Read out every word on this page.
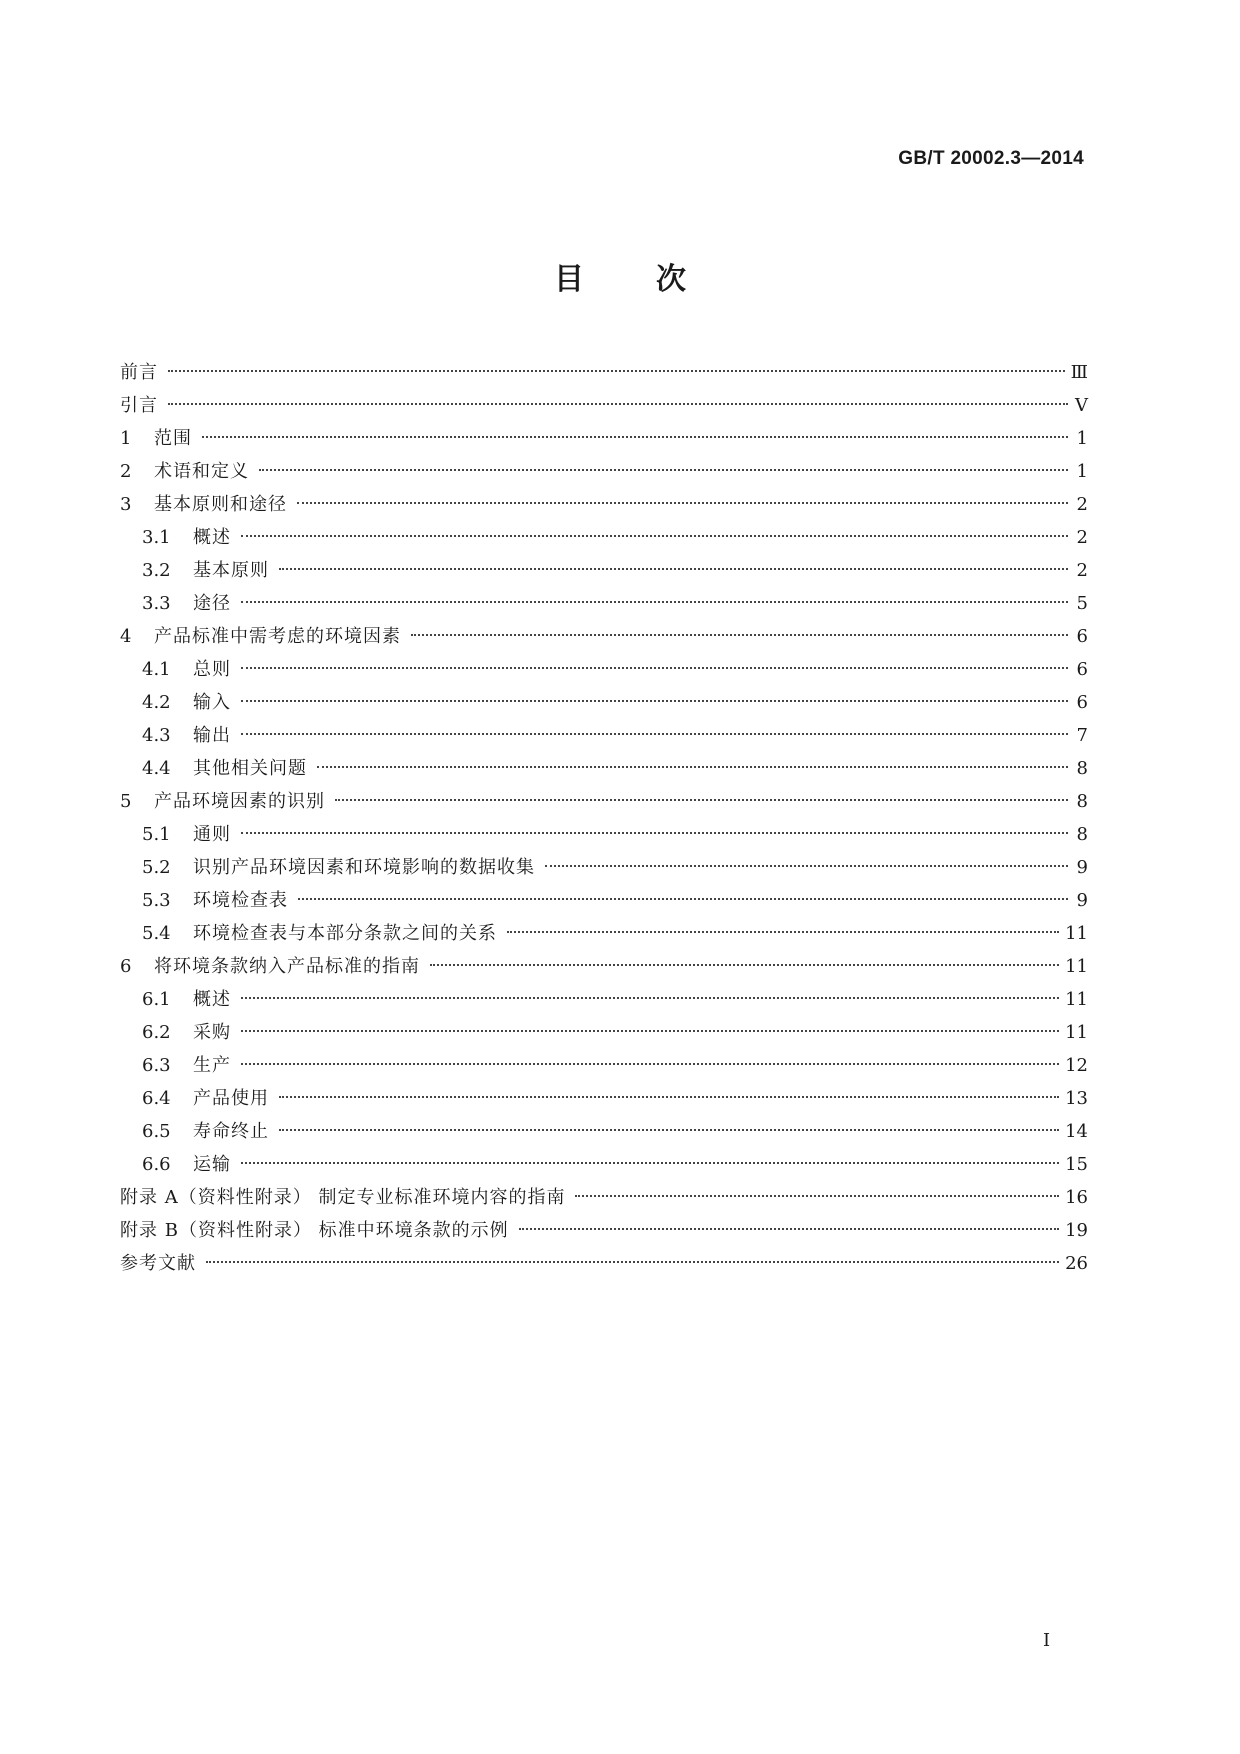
GB/T 20002.3—2014
目 次
前言	Ⅲ
引言	Ⅴ
1	范围	1
2	术语和定义	1
3	基本原则和途径	2
3.1	概述	2
3.2	基本原则	2
3.3	途径	5
4	产品标准中需考虑的环境因素	6
4.1	总则	6
4.2	输入	6
4.3	输出	7
4.4	其他相关问题	8
5	产品环境因素的识别	8
5.1	通则	8
5.2	识别产品环境因素和环境影响的数据收集	9
5.3	环境检查表	9
5.4	环境检查表与本部分条款之间的关系	11
6	将环境条款纳入产品标准的指南	11
6.1	概述	11
6.2	采购	11
6.3	生产	12
6.4	产品使用	13
6.5	寿命终止	14
6.6	运输	15
附录 A（资料性附录） 制定专业标准环境内容的指南	16
附录 B（资料性附录） 标准中环境条款的示例	19
参考文献	26
I
